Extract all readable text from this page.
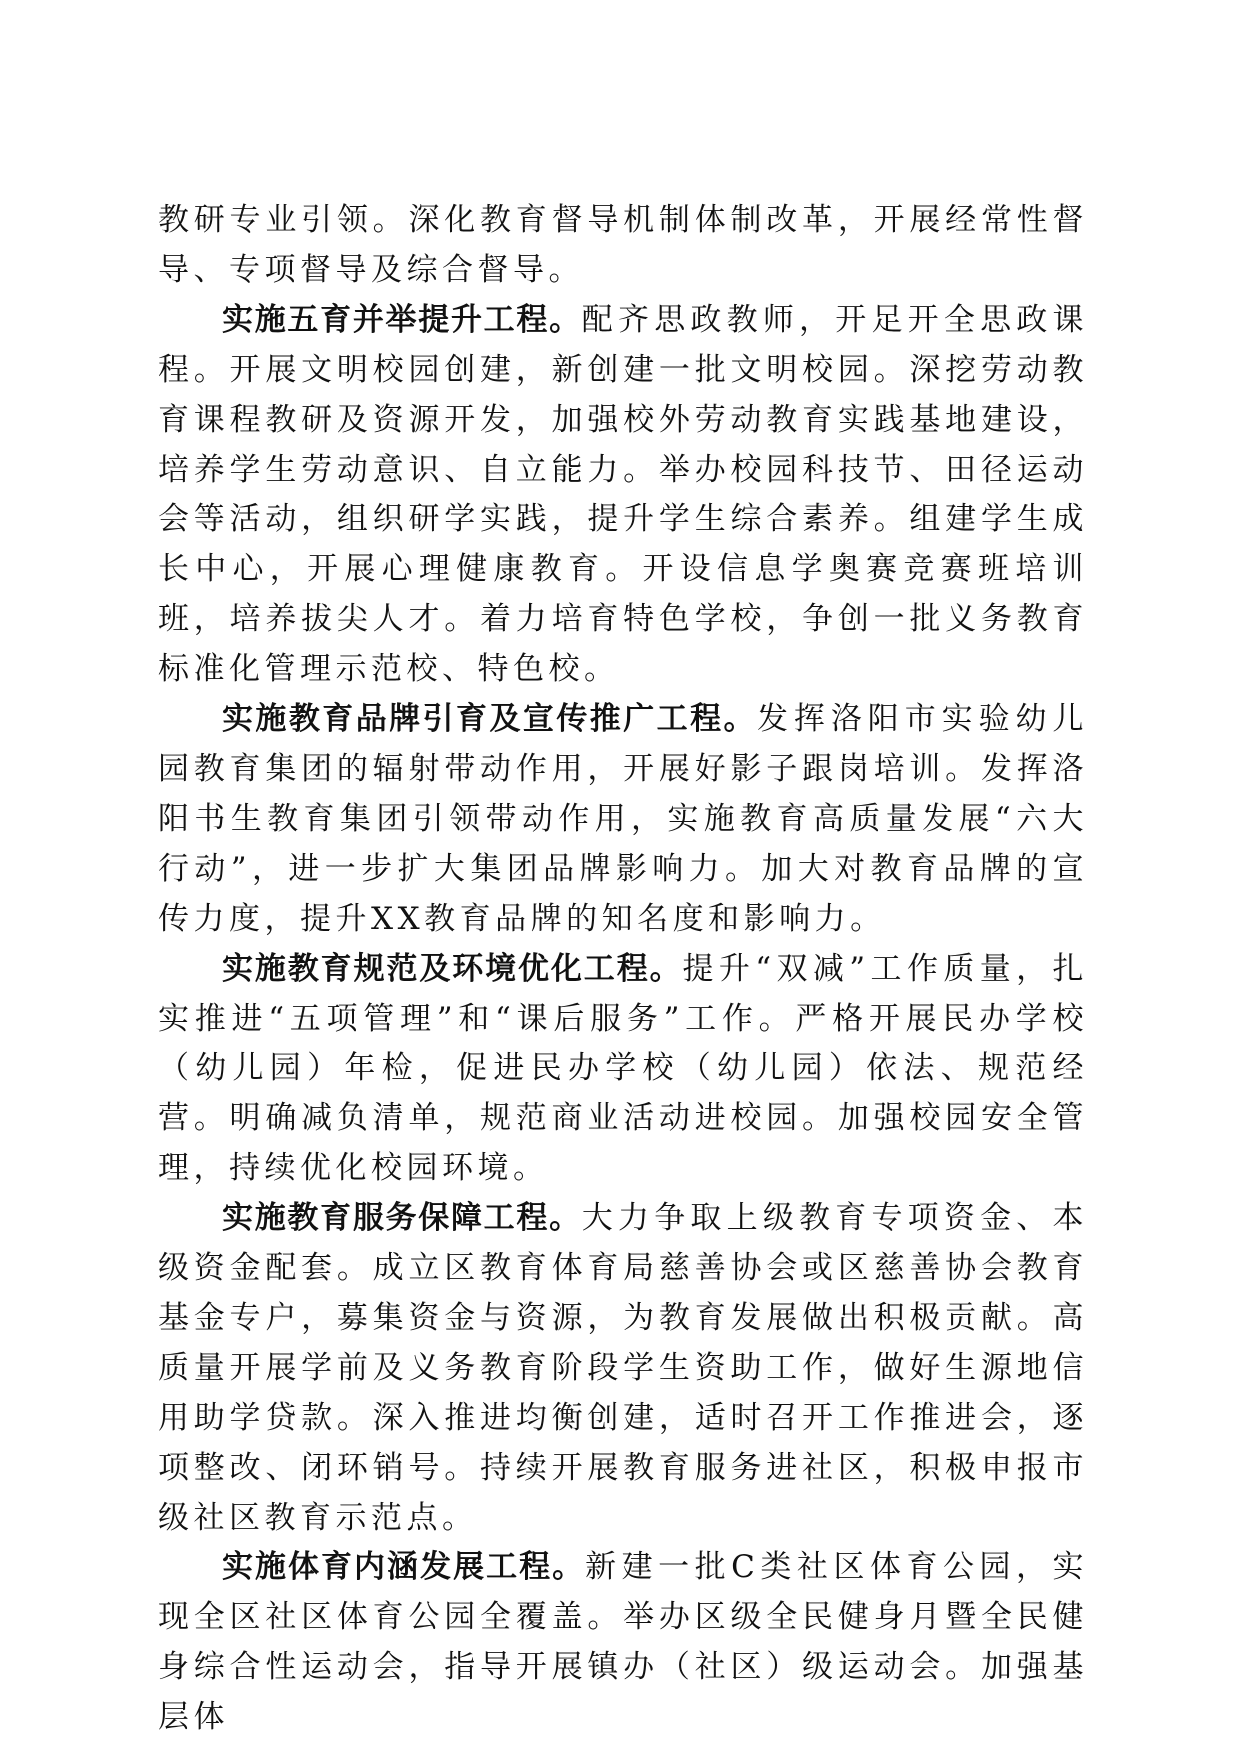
教研专业引领。深化教育督导机制体制改革，开展经常性督导、专项督导及综合督导。

实施五育并举提升工程。配齐思政教师，开足开全思政课程。开展文明校园创建，新创建一批文明校园。深挖劳动教育课程教研及资源开发，加强校外劳动教育实践基地建设，培养学生劳动意识、自立能力。举办校园科技节、田径运动会等活动，组织研学实践，提升学生综合素养。组建学生成长中心，开展心理健康教育。开设信息学奥赛竞赛班培训班，培养拔尖人才。着力培育特色学校，争创一批义务教育标准化管理示范校、特色校。

实施教育品牌引育及宣传推广工程。发挥洛阳市实验幼儿园教育集团的辐射带动作用，开展好影子跟岗培训。发挥洛阳书生教育集团引领带动作用，实施教育高质量发展“六大行动”，进一步扩大集团品牌影响力。加大对教育品牌的宣传力度，提升XX教育品牌的知名度和影响力。

实施教育规范及环境优化工程。提升“双减”工作质量，扎实推进“五项管理”和“课后服务”工作。严格开展民办学校（幼儿园）年检，促进民办学校（幼儿园）依法、规范经营。明确减负清单，规范商业活动进校园。加强校园安全管理，持续优化校园环境。

实施教育服务保障工程。大力争取上级教育专项资金、本级资金配套。成立区教育体育局慈善协会或区慈善协会教育基金专户，募集资金与资源，为教育发展做出积极贡献。高质量开展学前及义务教育阶段学生资助工作，做好生源地信用助学贷款。深入推进均衡创建，适时召开工作推进会，逐项整改、闭环销号。持续开展教育服务进社区，积极申报市级社区教育示范点。

实施体育内涵发展工程。新建一批C类社区体育公园，实现全区社区体育公园全覆盖。举办区级全民健身月暨全民健身综合性运动会，指导开展镇办（社区）级运动会。加强基层体
